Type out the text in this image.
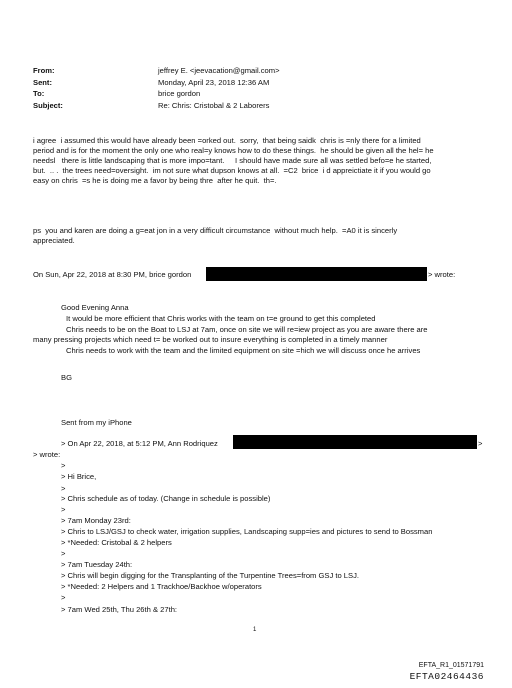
From:	jeffrey E. <jeevacation@gmail.com>
Sent:	Monday, April 23, 2018 12:36 AM
To:	brice gordon
Subject:	Re: Chris: Cristobal & 2 Laborers
i agree  i assumed this would have already been =orked out.  sorry,  that being saidk  chris is =nly there for a limited
period and is for the moment the only one who real=y knows how to do these things.  he should be given all the hel= he
needsl   there is little landscaping that is more impo=tant.     I should have made sure all was settled befo=e he started,
but.  .. .  the trees need=oversight.  im not sure what dupson knows at all.  =C2  brice  i d appreictiate it if you would go
easy on chris  =s he is doing me a favor by being thre  after he quit.  th=.
ps  you and karen are doing a g=eat jon in a very difficult circumstance  without much help.  =A0 it is sincerly
appreciated.
On Sun, Apr 22, 2018 at 8:30 PM, brice gordon	> wrote:
Good Evening Anna
It would be more efficient that Chris works with the team on t=e ground to get this completed
Chris needs to be on the Boat to LSJ at 7am, once on site we will re=iew project as you are aware there are
many pressing projects which need t= be worked out to insure everything is completed in a timely manner
Chris needs to work with the team and the limited equipment on site =hich we will discuss once he arrives
BG
Sent from my iPhone
> On Apr 22, 2018, at 5:12 PM, Ann Rodriquez	>
> wrote:
>
> Hi Brice,
>
> Chris schedule as of today. (Change in schedule is possible)
>
> 7am Monday 23rd:
> Chris to LSJ/GSJ to check water, irrigation supplies, Landscaping supp=ies and pictures to send to Bossman
> *Needed: Cristobal & 2 helpers
>
> 7am Tuesday 24th:
> Chris will begin digging for the Transplanting of the Turpentine Trees=from GSJ to LSJ.
> *Needed: 2 Helpers and 1 Trackhoe/Backhoe w/operators
>
> 7am Wed 25th, Thu 26th & 27th:
1
EFTA_R1_01571791
EFTA02464436
